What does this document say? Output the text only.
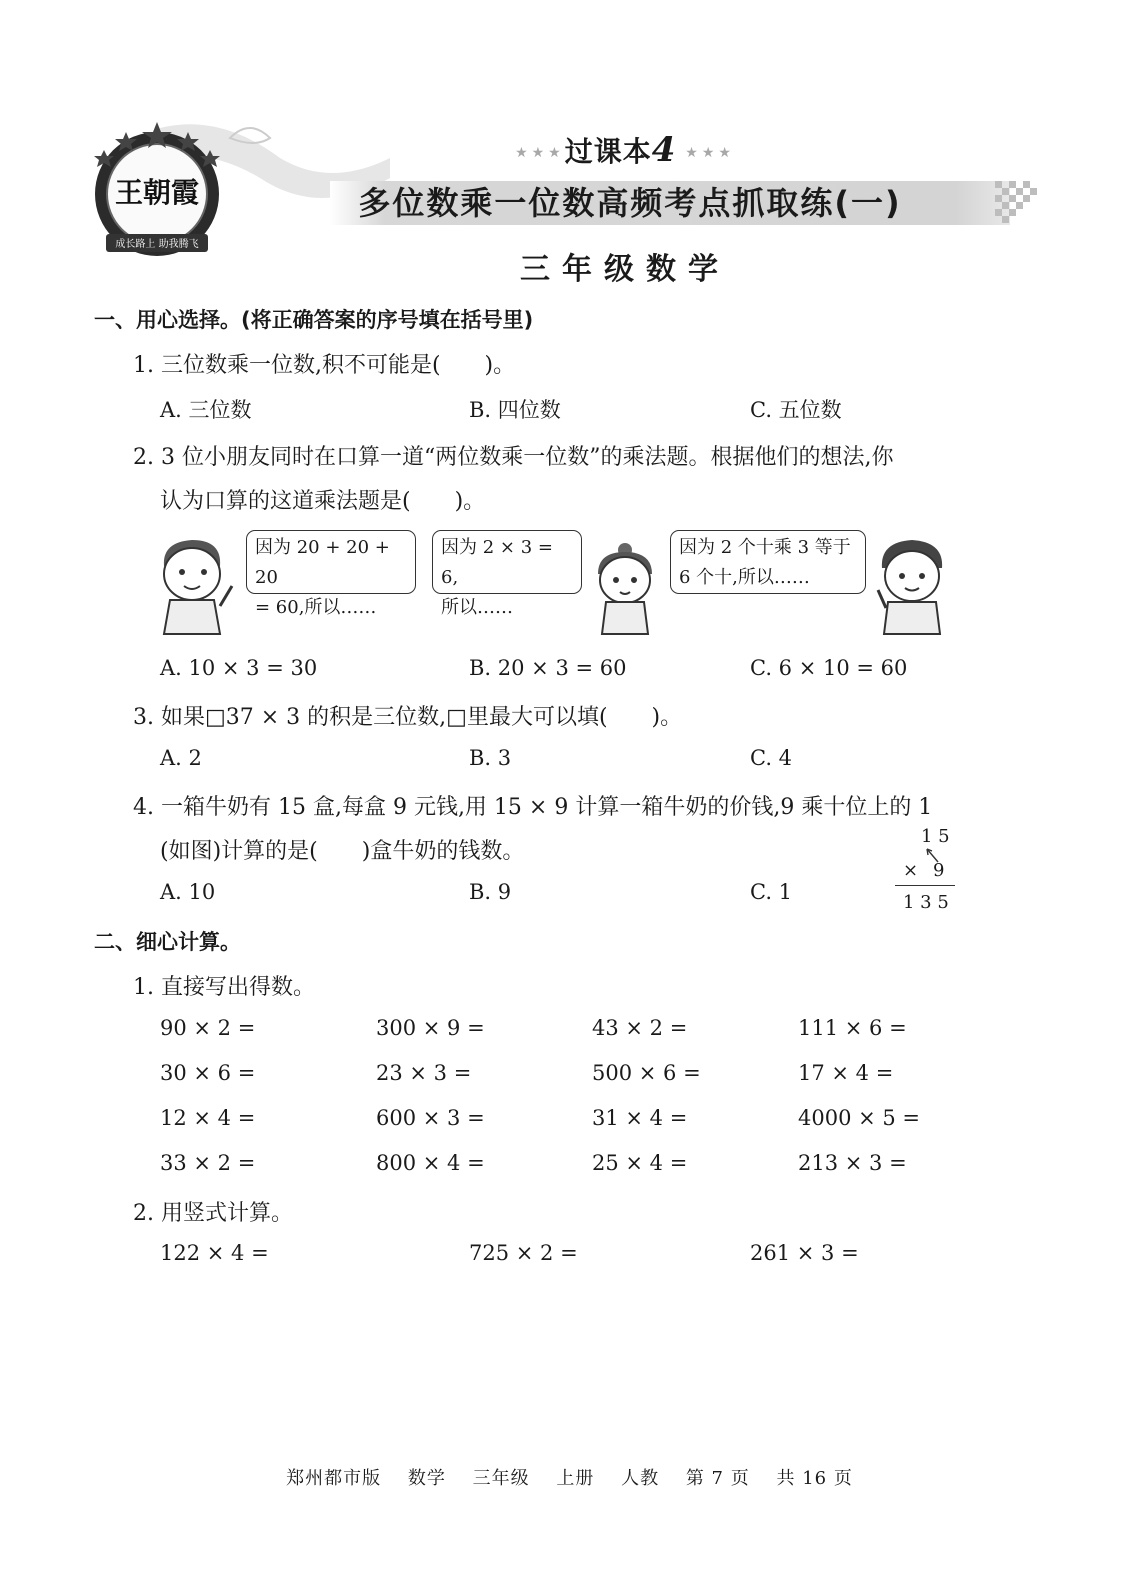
王朝霞
成长路上 助我腾飞
★★★过课本4 ★★★
多位数乘一位数高频考点抓取练(一)
三年级数学
一、用心选择。(将正确答案的序号填在括号里)
1. 三位数乘一位数,积不可能是(　　)。
A. 三位数	B. 四位数	C. 五位数
2. 3 位小朋友同时在口算一道“两位数乘一位数”的乘法题。根据他们的想法,你
认为口算的这道乘法题是(　　)。
因为 20 + 20 + 20
= 60,所以……
因为 2 × 3 = 6,
所以……
因为 2 个十乘 3 等于
6 个十,所以……
A. 10 × 3 = 30	B. 20 × 3 = 60	C. 6 × 10 = 60
3. 如果□37 × 3 的积是三位数,□里最大可以填(　　)。
A. 2	B. 3	C. 4
4. 一箱牛奶有 15 盒,每盒 9 元钱,用 15 × 9 计算一箱牛奶的价钱,9 乘十位上的 1
(如图)计算的是(　　)盒牛奶的钱数。
A. 10	B. 9	C. 1
1 5
× 9
1 3 5
二、细心计算。
1. 直接写出得数。
90 × 2 =	300 × 9 =	43 × 2 =	111 × 6 =
30 × 6 =	23 × 3 =	500 × 6 =	17 × 4 =
12 × 4 =	600 × 3 =	31 × 4 =	4000 × 5 =
33 × 2 =	800 × 4 =	25 × 4 =	213 × 3 =
2. 用竖式计算。
122 × 4 =	725 × 2 =	261 × 3 =
郑州都市版 数学 三年级 上册 人教 第 7 页 共 16 页
